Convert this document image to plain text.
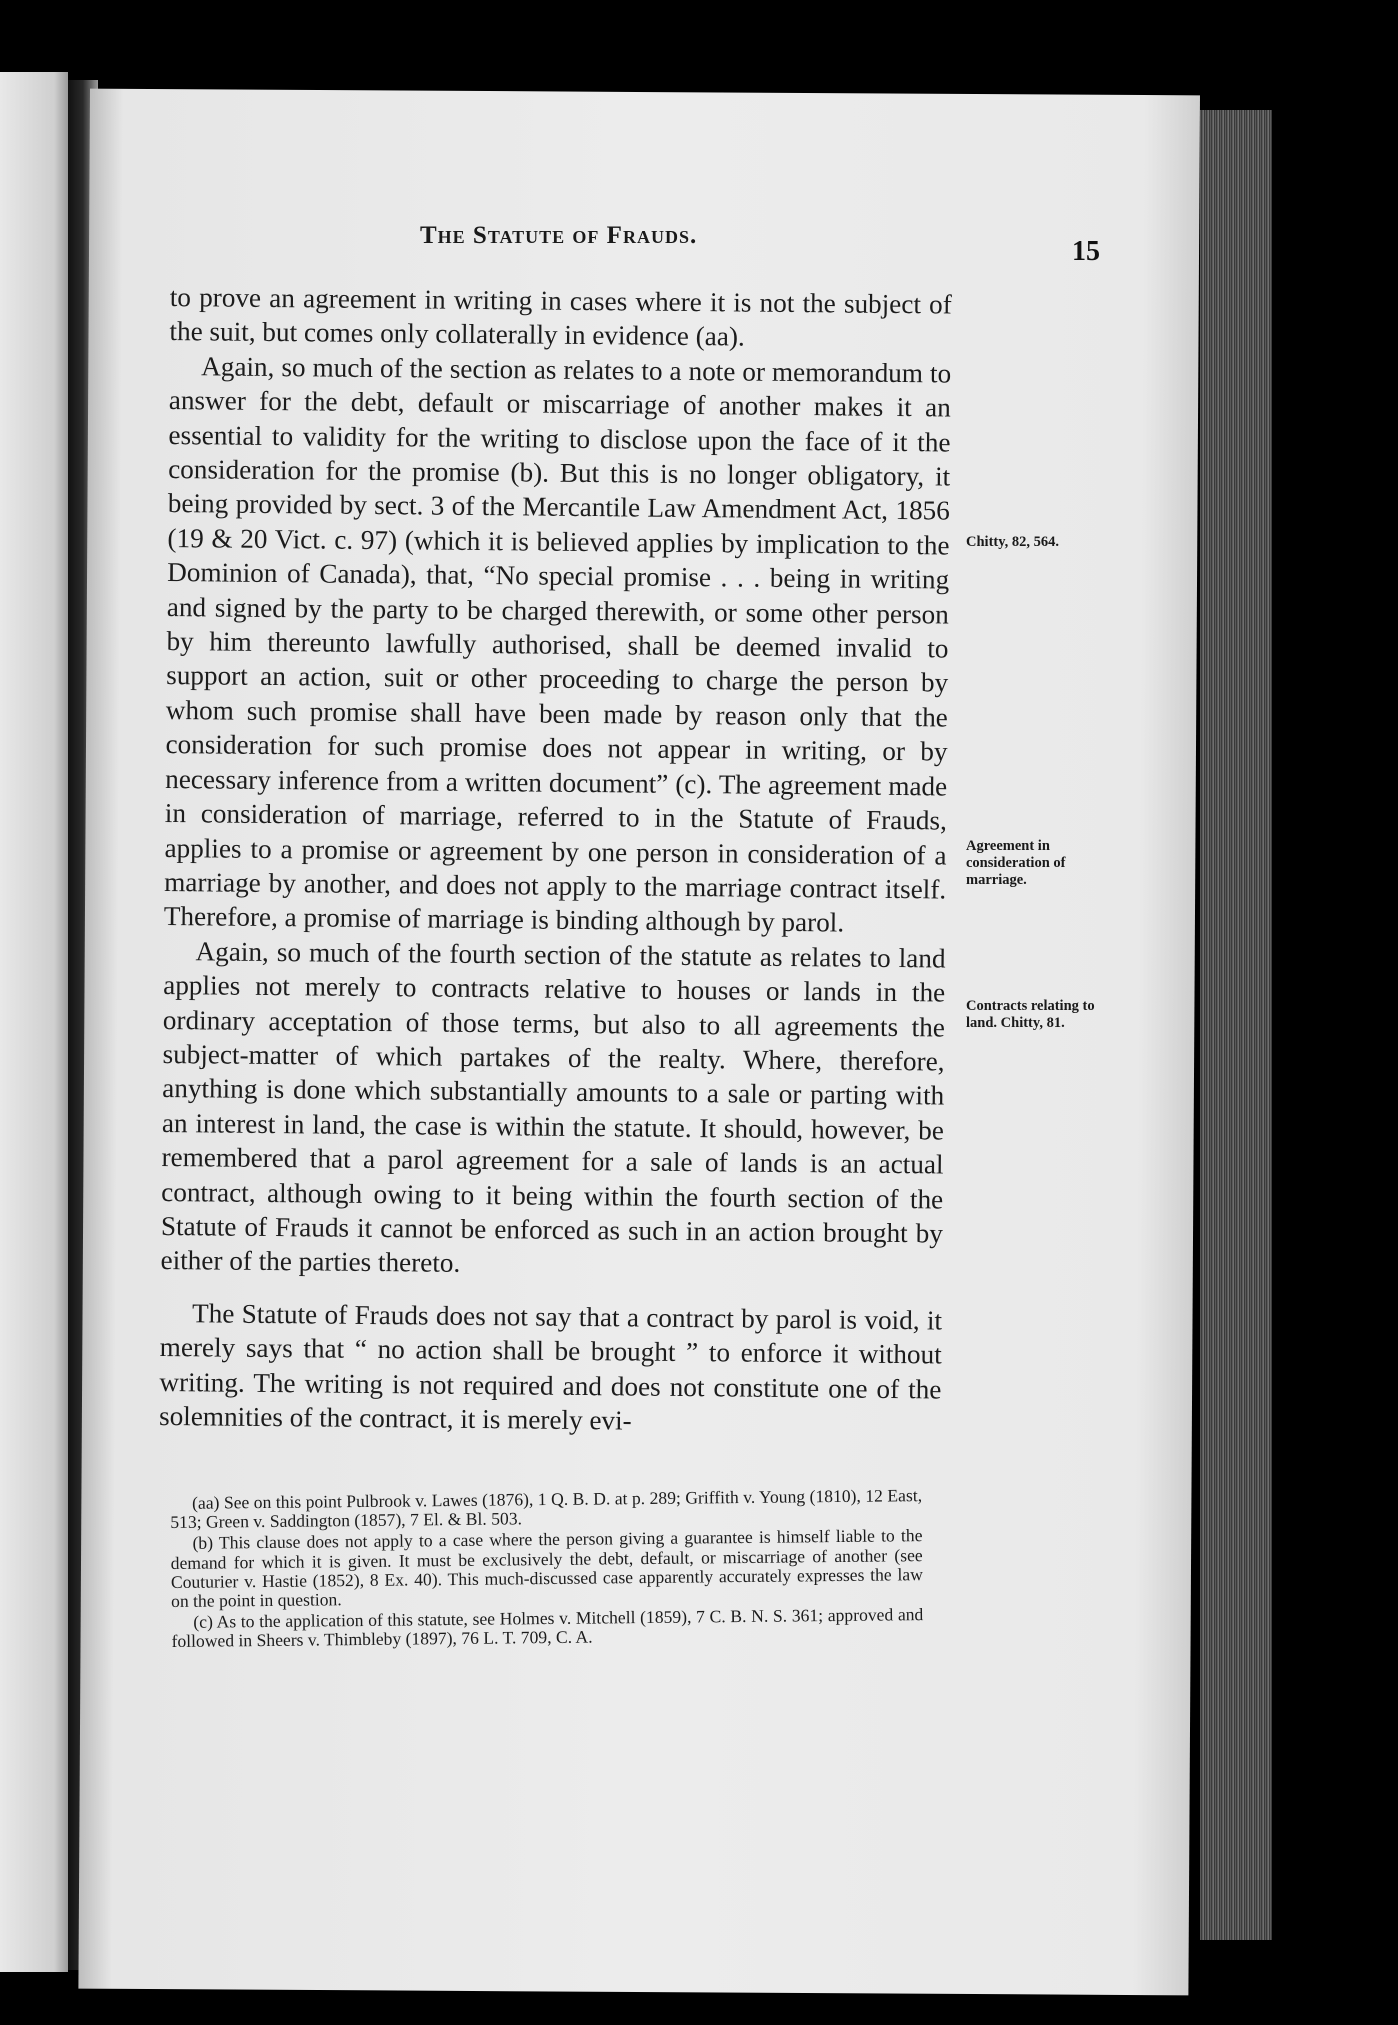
The Statute of Frauds.
15

to prove an agreement in writing in cases where it is not the subject of the suit, but comes only collaterally in evidence (aa).

Again, so much of the section as relates to a note or memorandum to answer for the debt, default or miscarriage of another makes it an essential to validity for the writing to disclose upon the face of it the consideration for the promise (b). But this is no longer obligatory, it being provided by sect. 3 of the Mercantile Law Amendment Act, 1856 (19 & 20 Vict. c. 97) (which it is believed applies by implication to the Dominion of Canada), that, “No special promise . . . being in writing and signed by the party to be charged therewith, or some other person by him thereunto lawfully authorised, shall be deemed invalid to support an action, suit or other proceeding to charge the person by whom such promise shall have been made by reason only that the consideration for such promise does not appear in writing, or by necessary inference from a written document” (c). The agreement made in consideration of marriage, referred to in the Statute of Frauds, applies to a promise or agreement by one person in consideration of a marriage by another, and does not apply to the marriage contract itself. Therefore, a promise of marriage is binding although by parol.

Again, so much of the fourth section of the statute as relates to land applies not merely to contracts relative to houses or lands in the ordinary acceptation of those terms, but also to all agreements the subject-matter of which partakes of the realty. Where, therefore, anything is done which substantially amounts to a sale or parting with an interest in land, the case is within the statute. It should, however, be remembered that a parol agreement for a sale of lands is an actual contract, although owing to it being within the fourth section of the Statute of Frauds it cannot be enforced as such in an action brought by either of the parties thereto.

The Statute of Frauds does not say that a contract by parol is void, it merely says that “ no action shall be brought ” to enforce it without writing. The writing is not required and does not constitute one of the solemnities of the contract, it is merely evi-

Chitty, 82, 564.
Agreement in consideration of marriage.
Contracts relating to land. Chitty, 81.

(aa) See on this point Pulbrook v. Lawes (1876), 1 Q. B. D. at p. 289; Griffith v. Young (1810), 12 East, 513; Green v. Saddington (1857), 7 El. & Bl. 503.

(b) This clause does not apply to a case where the person giving a guarantee is himself liable to the demand for which it is given. It must be exclusively the debt, default, or miscarriage of another (see Couturier v. Hastie (1852), 8 Ex. 40). This much-discussed case apparently accurately expresses the law on the point in question.

(c) As to the application of this statute, see Holmes v. Mitchell (1859), 7 C. B. N. S. 361; approved and followed in Sheers v. Thimbleby (1897), 76 L. T. 709, C. A.
